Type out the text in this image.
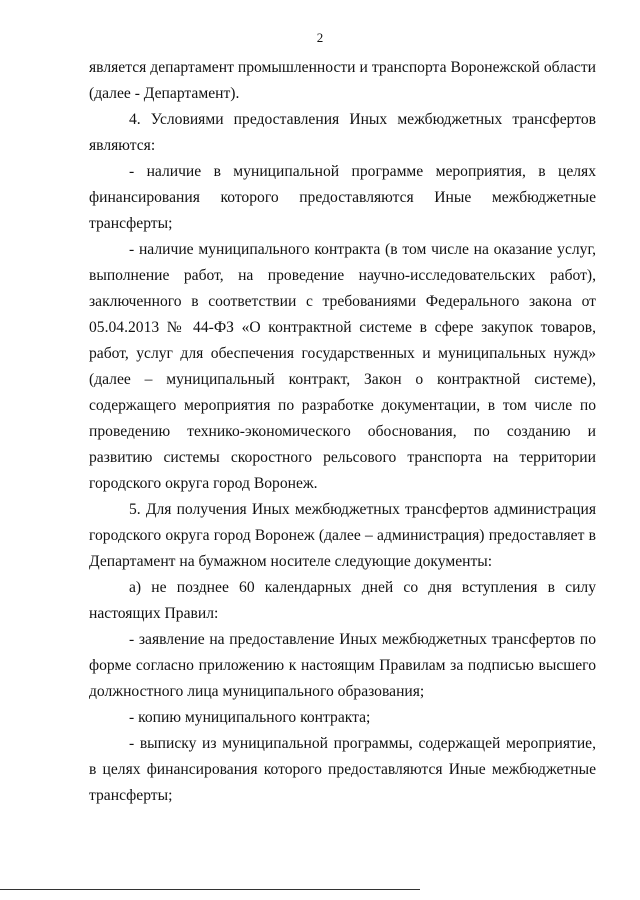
2

является департамент промышленности и транспорта Воронежской области (далее - Департамент).

4. Условиями предоставления Иных межбюджетных трансфертов являются:

- наличие в муниципальной программе мероприятия, в целях финансирования которого предоставляются Иные межбюджетные трансферты;

- наличие муниципального контракта (в том числе на оказание услуг, выполнение работ, на проведение научно-исследовательских работ), заключенного в соответствии с требованиями Федерального закона от 05.04.2013 № 44-ФЗ «О контрактной системе в сфере закупок товаров, работ, услуг для обеспечения государственных и муниципальных нужд» (далее – муниципальный контракт, Закон о контрактной системе), содержащего мероприятия по разработке документации, в том числе по проведению технико-экономического обоснования, по созданию и развитию системы скоростного рельсового транспорта на территории городского округа город Воронеж.

5. Для получения Иных межбюджетных трансфертов администрация городского округа город Воронеж (далее – администрация) предоставляет в Департамент на бумажном носителе следующие документы:

а) не позднее 60 календарных дней со дня вступления в силу настоящих Правил:

- заявление на предоставление Иных межбюджетных трансфертов по форме согласно приложению к настоящим Правилам за подписью высшего должностного лица муниципального образования;

- копию муниципального контракта;

- выписку из муниципальной программы, содержащей мероприятие, в целях финансирования которого предоставляются Иные межбюджетные трансферты;
